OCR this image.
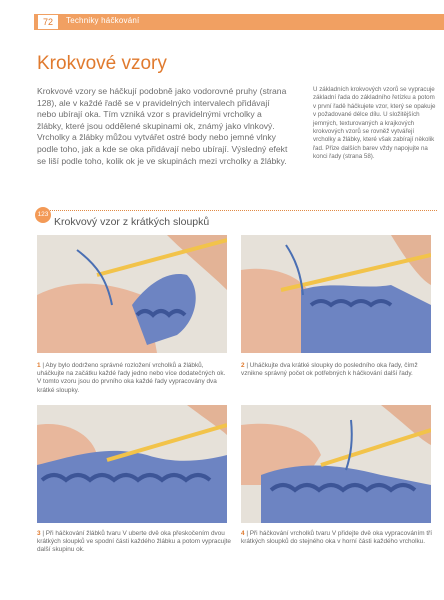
72	Techniky háčkování
Krokvové vzory
Krokvové vzory se háčkují podobně jako vodorovné pruhy (strana 128), ale v každé řadě se v pravidelných intervalech přidávají nebo ubírají oka. Tím vzniká vzor s pravidelnými vrcholky a žlábky, které jsou oddělené skupinami ok, známý jako vlnkový. Vrcholky a žlábky můžou vytvářet ostré body nebo jemné vlnky podle toho, jak a kde se oka přidávají nebo ubírají. Výsledný efekt se liší podle toho, kolik ok je ve skupinách mezi vrcholky a žlábky.
U základních krokvových vzorů se vypracuje základní řada do základního řetízku a potom v první řadě háčkujete vzor, který se opakuje v požadované délce dílu. U složitějších jemných, texturovaných a krajkových krokvových vzorů se rovněž vytvářejí vrcholky a žlábky, které však zabírají několik řad. Přize dalších barev vždy napojujte na konci řady (strana 58).
123
Krokvový vzor z krátkých sloupků
1 | Aby bylo dodrženo správné rozložení vrcholků a žlábků, uháčkujte na začátku každé řady jedno nebo více dodatečných ok. V tomto vzoru jsou do prvního oka každé řady vypracovány dva krátké sloupky.
2 | Uháčkujte dva krátké sloupky do posledního oka řady, čímž vznikne správný počet ok potřebných k háčkování další řady.
3 | Při háčkování žlábků tvaru V uberte dvě oka přeskočením dvou krátkých sloupků ve spodní části každého žlábku a potom vypracujte další skupinu ok.
4 | Při háčkování vrcholků tvaru V přidejte dvě oka vypracováním tří krátkých sloupků do stejného oka v horní části každého vrcholku.
